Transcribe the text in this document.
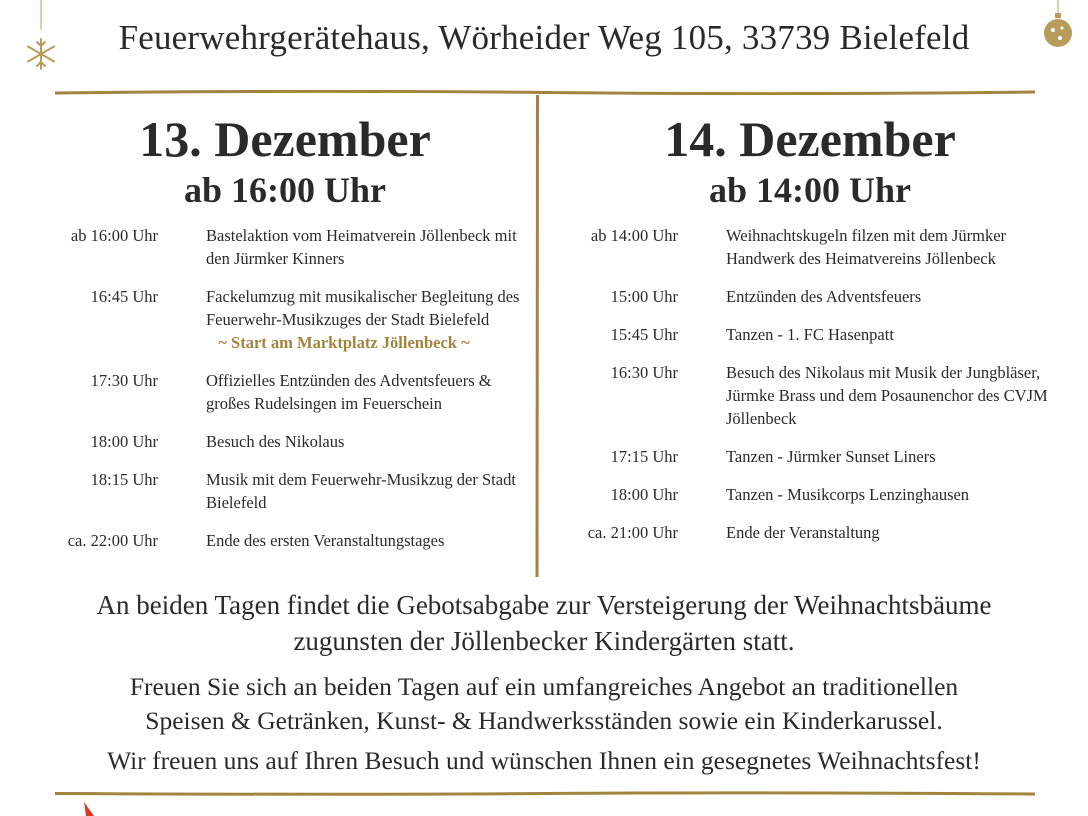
Feuerwehrgerätehaus, Wörheider Weg 105, 33739 Bielefeld
13. Dezember
ab 16:00 Uhr
ab 16:00 Uhr	Bastelaktion vom Heimatverein Jöllenbeck mit den Jürmker Kinners
16:45 Uhr	Fackelumzug mit musikalischer Begleitung des Feuerwehr-Musikzuges der Stadt Bielefeld
~ Start am Marktplatz Jöllenbeck ~
17:30 Uhr	Offizielles Entzünden des Adventsfeuers & großes Rudelsingen im Feuerschein
18:00 Uhr	Besuch des Nikolaus
18:15 Uhr	Musik mit dem Feuerwehr-Musikzug der Stadt Bielefeld
ca. 22:00 Uhr	Ende des ersten Veranstaltungstages
14. Dezember
ab 14:00 Uhr
ab 14:00 Uhr	Weihnachtskugeln filzen mit dem Jürmker Handwerk des Heimatvereins Jöllenbeck
15:00 Uhr	Entzünden des Adventsfeuers
15:45 Uhr	Tanzen - 1. FC Hasenpatt
16:30 Uhr	Besuch des Nikolaus mit Musik der Jungbläser, Jürmke Brass und dem Posaunenchor des CVJM Jöllenbeck
17:15 Uhr	Tanzen - Jürmker Sunset Liners
18:00 Uhr	Tanzen - Musikcorps Lenzinghausen
ca. 21:00 Uhr	Ende der Veranstaltung
An beiden Tagen findet die Gebotsabgabe zur Versteigerung der Weihnachtsbäume
zugunsten der Jöllenbecker Kindergärten statt.
Freuen Sie sich an beiden Tagen auf ein umfangreiches Angebot an traditionellen
Speisen & Getränken, Kunst- & Handwerksständen sowie ein Kinderkarussel.
Wir freuen uns auf Ihren Besuch und wünschen Ihnen ein gesegnetes Weihnachtsfest!
